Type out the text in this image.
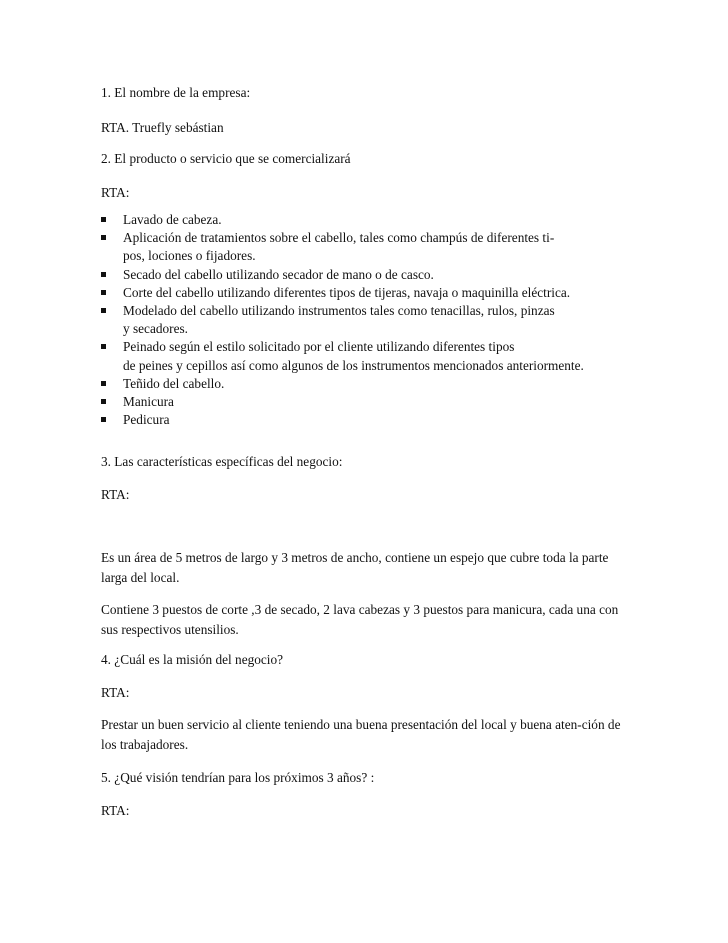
1. El nombre de la empresa:
RTA. Truefly sebástian
2. El producto o servicio que se comercializará
RTA:
Lavado de cabeza.
Aplicación de tratamientos sobre el cabello, tales como champús de diferentes ti-
pos, lociones o fijadores.
Secado del cabello utilizando secador de mano o de casco.
Corte del cabello utilizando diferentes tipos de tijeras, navaja o maquinilla eléctrica.
Modelado del cabello utilizando instrumentos tales como tenacillas, rulos, pinzas
y secadores.
Peinado según el estilo solicitado por el cliente utilizando diferentes tipos
de peines y cepillos así como algunos de los instrumentos mencionados anteriormente.
Teñido del cabello.
Manicura
Pedicura
3. Las características específicas del negocio:
RTA:
Es un área de 5 metros de largo y 3 metros de ancho, contiene un espejo que cubre toda la parte larga del local.
Contiene 3 puestos de corte ,3 de secado, 2 lava cabezas y 3 puestos para manicura, cada una con sus respectivos utensilios.
4. ¿Cuál es la misión del negocio?
RTA:
Prestar un buen servicio al cliente teniendo una buena presentación del local y buena aten-ción de los trabajadores.
5. ¿Qué visión tendrían para los próximos 3 años? :
RTA:
